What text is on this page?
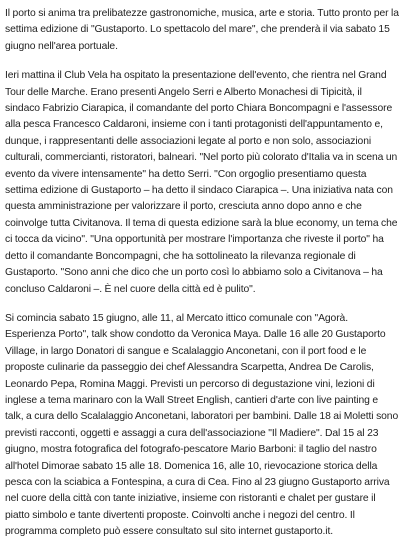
Il porto si anima tra prelibatezze gastronomiche, musica, arte e storia. Tutto pronto per la settima edizione di "Gustaporto. Lo spettacolo del mare", che prenderà il via sabato 15 giugno nell'area portuale.

Ieri mattina il Club Vela ha ospitato la presentazione dell'evento, che rientra nel Grand Tour delle Marche. Erano presenti Angelo Serri e Alberto Monachesi di Tipicità, il sindaco Fabrizio Ciarapica, il comandante del porto Chiara Boncompagni e l'assessore alla pesca Francesco Caldaroni, insieme con i tanti protagonisti dell'appuntamento e, dunque, i rappresentanti delle associazioni legate al porto e non solo, associazioni culturali, commercianti, ristoratori, balneari. "Nel porto più colorato d'Italia va in scena un evento da vivere intensamente" ha detto Serri. "Con orgoglio presentiamo questa settima edizione di Gustaporto – ha detto il sindaco Ciarapica –. Una iniziativa nata con questa amministrazione per valorizzare il porto, cresciuta anno dopo anno e che coinvolge tutta Civitanova. Il tema di questa edizione sarà la blue economy, un tema che ci tocca da vicino". "Una opportunità per mostrare l'importanza che riveste il porto" ha detto il comandante Boncompagni, che ha sottolineato la rilevanza regionale di Gustaporto. "Sono anni che dico che un porto così lo abbiamo solo a Civitanova – ha concluso Caldaroni –. È nel cuore della città ed è pulito".

Si comincia sabato 15 giugno, alle 11, al Mercato ittico comunale con "Agorà. Esperienza Porto", talk show condotto da Veronica Maya. Dalle 16 alle 20 Gustaporto Village, in largo Donatori di sangue e Scalalaggio Anconetani, con il port food e le proposte culinarie da passeggio dei chef Alessandra Scarpetta, Andrea De Carolis, Leonardo Pepa, Romina Maggi. Previsti un percorso di degustazione vini, lezioni di inglese a tema marinaro con la Wall Street English, cantieri d'arte con live painting e talk, a cura dello Scalalaggio Anconetani, laboratori per bambini. Dalle 18 ai Moletti sono previsti racconti, oggetti e assaggi a cura dell'associazione "Il Madiere". Dal 15 al 23 giugno, mostra fotografica del fotografo-pescatore Mario Barboni: il taglio del nastro all'hotel Dimorae sabato 15 alle 18. Domenica 16, alle 10, rievocazione storica della pesca con la sciabica a Fontespina, a cura di Cea. Fino al 23 giugno Gustaporto arriva nel cuore della città con tante iniziative, insieme con ristoranti e chalet per gustare il piatto simbolo e tante divertenti proposte. Coinvolti anche i negozi del centro. Il programma completo può essere consultato sul sito internet gustaporto.it.
